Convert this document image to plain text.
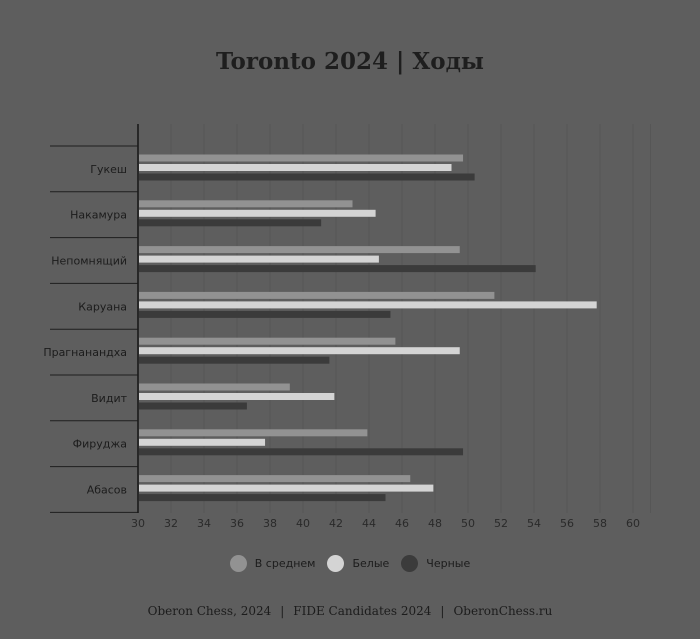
Toronto 2024 | Ходы
Гукеш
Накамура
Непомнящий
Каруана
Прагнанандха
Видит
Фируджа
Абасов
30 32 34 36 38 40 42 44 46 48 50 52 54 56 58 60
В среднем	Белые	Черные
Oberon Chess, 2024 | FIDE Candidates 2024 | OberonChess.ru
